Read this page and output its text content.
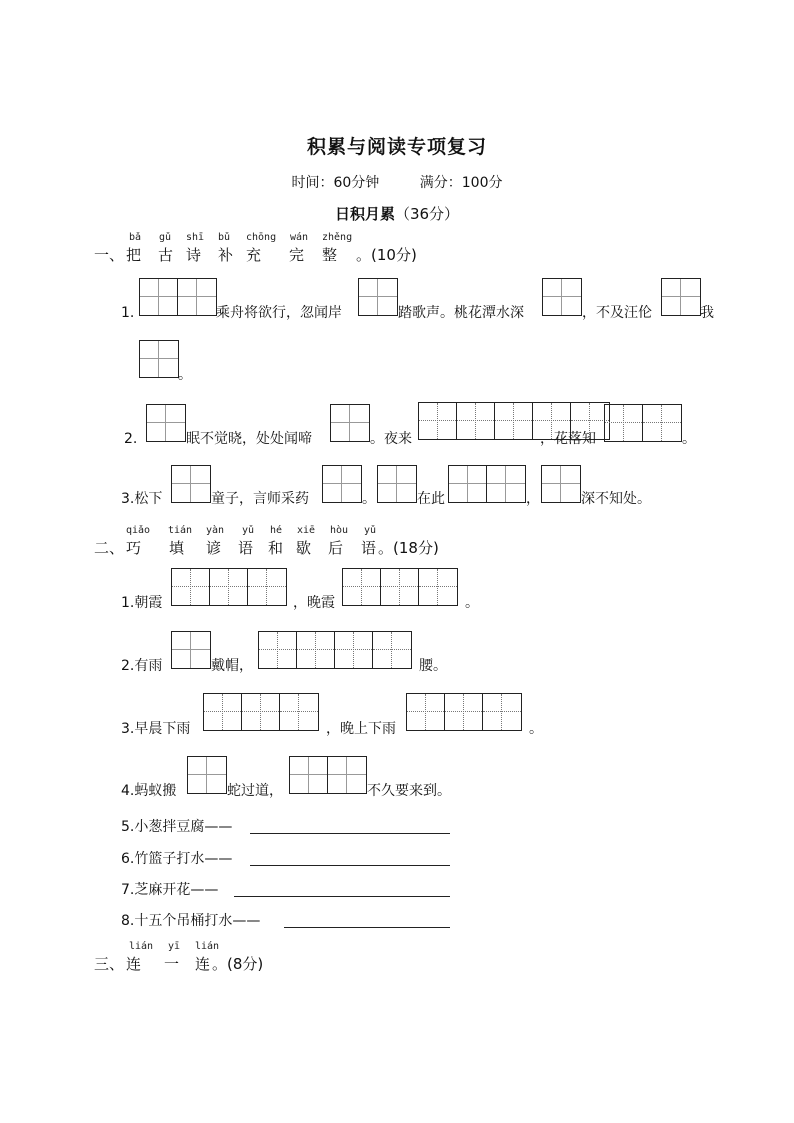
积累与阅读专项复习
时间：60分钟	满分：100分
日积月累（36分）
一、
bǎ gǔ shī bǔ chōng wán zhěng
把 古 诗 补 充 完 整 。(10分)
1.	乘舟将欲行，忽闻岸	踏歌声。桃花潭水深	，不及汪伦	我
。
2.	眠不觉晓，处处闻啼	。夜来	，花落知	。
3.松下	童子，言师采药	。	在此	，	深不知处。
二、
qiǎo tián yàn yǔ hé xiē hòu yǔ
巧 填 谚 语 和 歇 后 语 。(18分)
1.朝霞	，晚霞	。
2.有雨	戴帽，	腰。
3.早晨下雨	，晚上下雨	。
4.蚂蚁搬	蛇过道，	不久要来到。
5.小葱拌豆腐——
6.竹篮子打水——
7.芝麻开花——
8.十五个吊桶打水——
三、
lián yī lián
连 一 连 。(8分)
